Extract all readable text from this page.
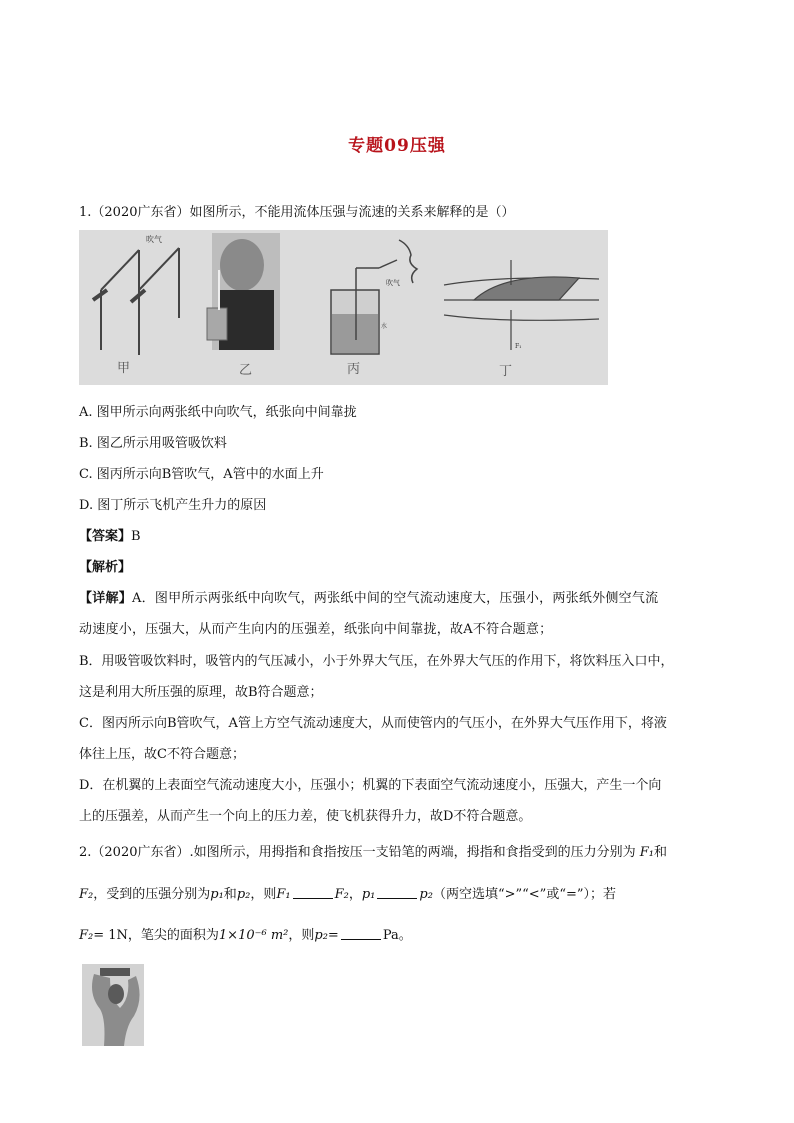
专题09压强
1.（2020广东省）如图所示，不能用流体压强与流速的关系来解释的是（）
吹气
甲	乙
吹气
水
丙
F₁
丁
A. 图甲所示向两张纸中向吹气，纸张向中间靠拢
B. 图乙所示用吸管吸饮料
C. 图丙所示向B管吹气，A管中的水面上升
D. 图丁所示飞机产生升力的原因
【答案】B
【解析】
【详解】A．图甲所示两张纸中向吹气，两张纸中间的空气流动速度大，压强小，两张纸外侧空气流
动速度小，压强大，从而产生向内的压强差，纸张向中间靠拢，故A不符合题意；
B．用吸管吸饮料时，吸管内的气压减小，小于外界大气压，在外界大气压的作用下，将饮料压入口中，
这是利用大所压强的原理，故B符合题意；
C．图丙所示向B管吹气，A管上方空气流动速度大，从而使管内的气压小，在外界大气压作用下，将液
体往上压，故C不符合题意；
D．在机翼的上表面空气流动速度大小，压强小；机翼的下表面空气流动速度小，压强大，产生一个向
上的压强差，从而产生一个向上的压力差，使飞机获得升力，故D不符合题意。
2.（2020广东省）.如图所示，用拇指和食指按压一支铅笔的两端，拇指和食指受到的压力分别为 F₁和
F₂，受到的压强分别为p₁和p₂，则F₁	F₂，p₁	p₂（两空选填“>”“<”或“=”）；若
F₂= 1N，笔尖的面积为1×10⁻⁶ m²，则p₂=	Pa。
